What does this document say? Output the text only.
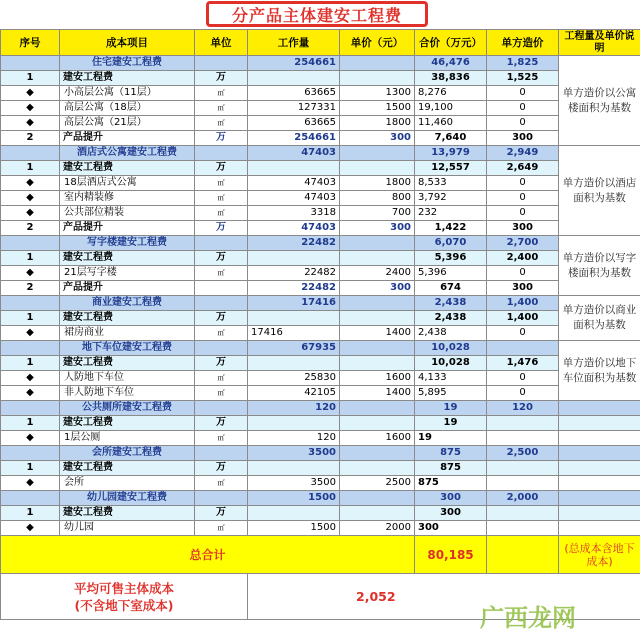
分产品主体建安工程费
序号	成本项目	单位	工作量	单价（元）	合价（万元）	单方造价	工程量及单价说明
	住宅建安工程费		254661		46,476	1,825	单方造价以公寓楼面积为基数
1	建安工程费	万			38,836	1,525	
◆	小高层公寓（11层）	㎡	63665	1300	8,276	0	
◆	高层公寓（18层）	㎡	127331	1500	19,100	0	
◆	高层公寓（21层）	㎡	63665	1800	11,460	0	
2	产品提升	万	254661	300	7,640	300	
	酒店式公寓建安工程费		47403		13,979	2,949	单方造价以酒店面积为基数
1	建安工程费	万			12,557	2,649	
◆	18层酒店式公寓	㎡	47403	1800	8,533	0	
◆	室内精装修	㎡	47403	800	3,792	0	
◆	公共部位精装	㎡	3318	700	232	0	
2	产品提升	万	47403	300	1,422	300	
	写字楼建安工程费		22482		6,070	2,700	单方造价以写字楼面积为基数
1	建安工程费	万			5,396	2,400	
◆	21层写字楼	㎡	22482	2400	5,396	0	
2	产品提升		22482	300	674	300	
	商业建安工程费		17416		2,438	1,400	单方造价以商业面积为基数
1	建安工程费	万			2,438	1,400	
◆	裙房商业	㎡	17416	1400	2,438	0	
	地下车位建安工程费		67935		10,028		单方造价以地下车位面积为基数
1	建安工程费	万			10,028	1,476	
◆	人防地下车位	㎡	25830	1600	4,133	0	
◆	非人防地下车位	㎡	42105	1400	5,895	0	
	公共厕所建安工程费		120		19	120	
1	建安工程费	万			19		
◆	1层公厕	㎡	120	1600	19		
	会所建安工程费		3500		875	2,500	
1	建安工程费	万			875		
◆	会所	㎡	3500	2500	875		
	幼儿园建安工程费		1500		300	2,000	
1	建安工程费	万			300		
◆	幼儿园	㎡	1500	2000	300		
总合计					80,185		(总成本含地下成本)

平均可售主体成本
(不含地下室成本)			2,052				
广西龙网
